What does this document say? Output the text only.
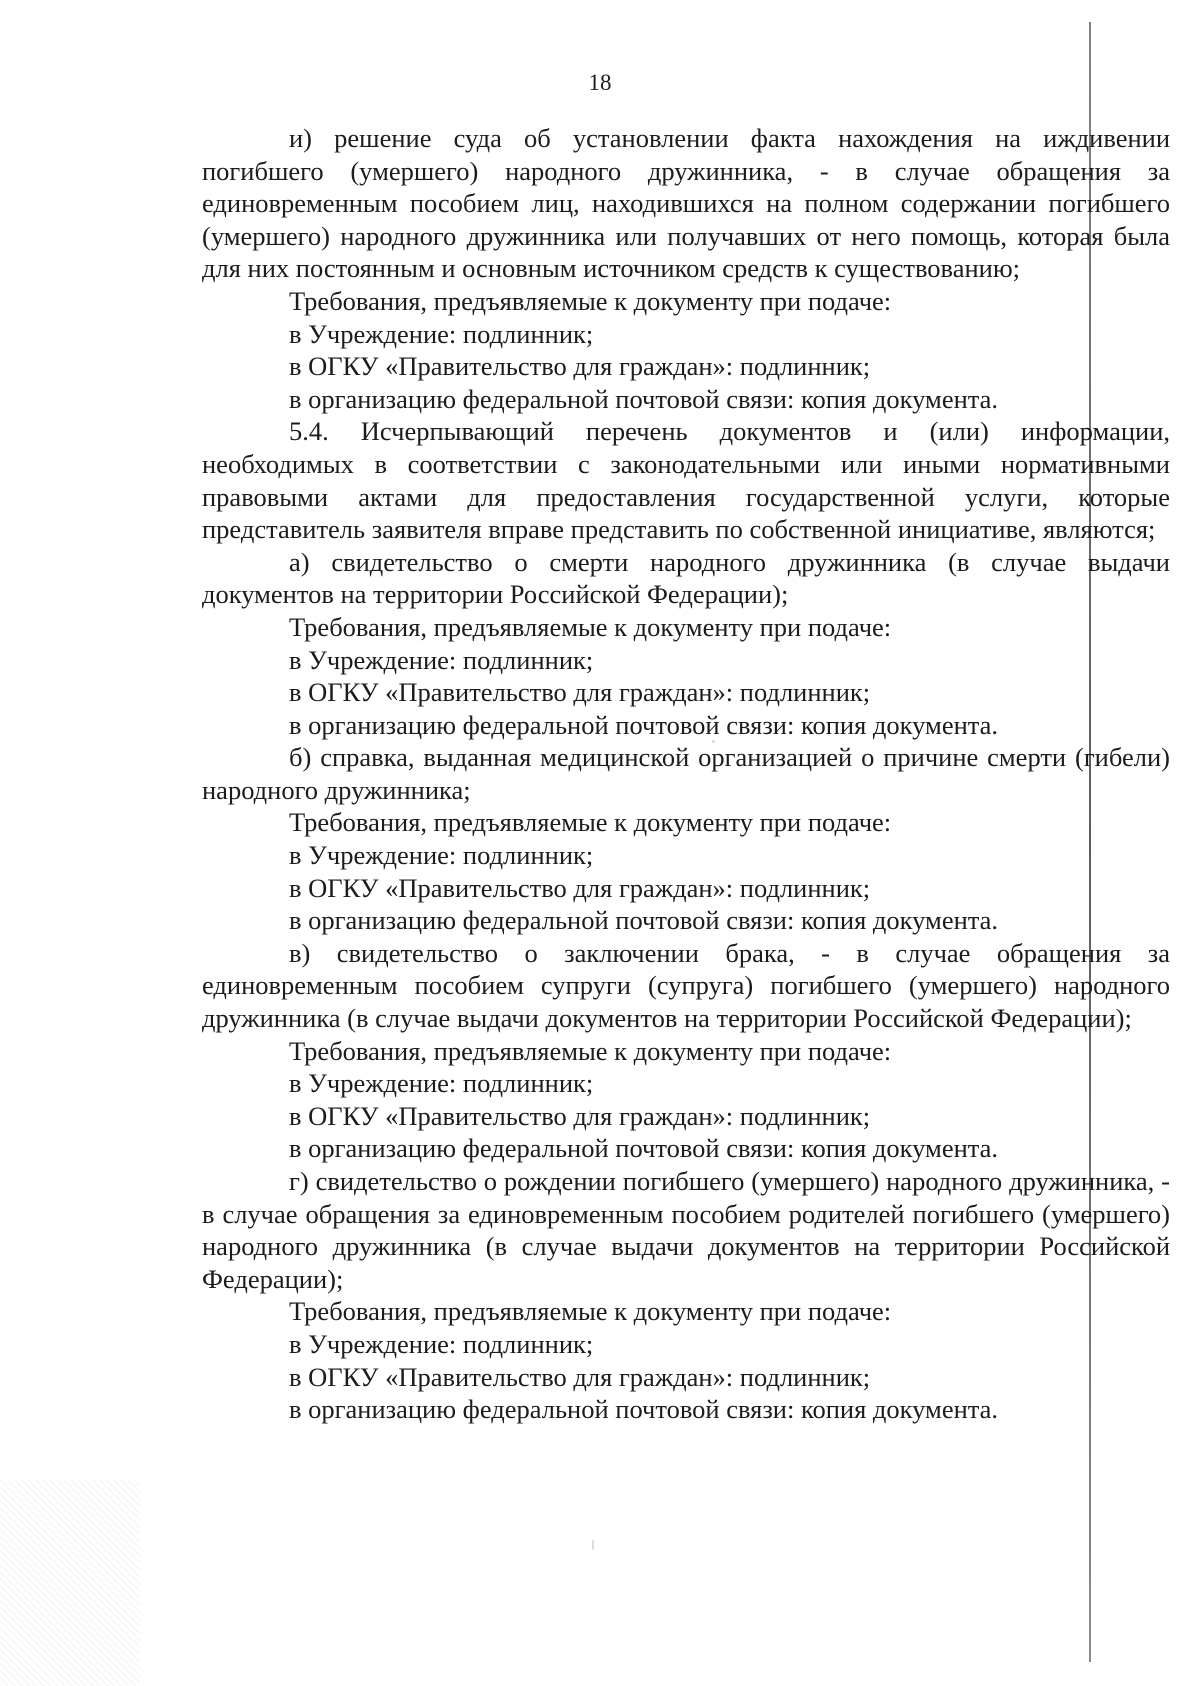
18

и) решение суда об установлении факта нахождения на иждивении погибшего (умершего) народного дружинника, - в случае обращения за единовременным пособием лиц, находившихся на полном содержании погибшего (умершего) народного дружинника или получавших от него помощь, которая была для них постоянным и основным источником средств к существованию;

Требования, предъявляемые к документу при подаче:

в Учреждение: подлинник;

в ОГКУ «Правительство для граждан»: подлинник;

в организацию федеральной почтовой связи: копия документа.

5.4. Исчерпывающий перечень документов и (или) информации, необходимых в соответствии с законодательными или иными нормативными правовыми актами для предоставления государственной услуги, которые представитель заявителя вправе представить по собственной инициативе, являются;

а) свидетельство о смерти народного дружинника (в случае выдачи документов на территории Российской Федерации);

Требования, предъявляемые к документу при подаче:

в Учреждение: подлинник;

в ОГКУ «Правительство для граждан»: подлинник;

в организацию федеральной почтовой связи: копия документа.

б) справка, выданная медицинской организацией о причине смерти (гибели) народного дружинника;

Требования, предъявляемые к документу при подаче:

в Учреждение: подлинник;

в ОГКУ «Правительство для граждан»: подлинник;

в организацию федеральной почтовой связи: копия документа.

в) свидетельство о заключении брака, - в случае обращения за единовременным пособием супруги (супруга) погибшего (умершего) народного дружинника (в случае выдачи документов на территории Российской Федерации);

Требования, предъявляемые к документу при подаче:

в Учреждение: подлинник;

в ОГКУ «Правительство для граждан»: подлинник;

в организацию федеральной почтовой связи: копия документа.

г) свидетельство о рождении погибшего (умершего) народного дружинника, - в случае обращения за единовременным пособием родителей погибшего (умершего) народного дружинника (в случае выдачи документов на территории Российской Федерации);

Требования, предъявляемые к документу при подаче:

в Учреждение: подлинник;

в ОГКУ «Правительство для граждан»: подлинник;

в организацию федеральной почтовой связи: копия документа.
